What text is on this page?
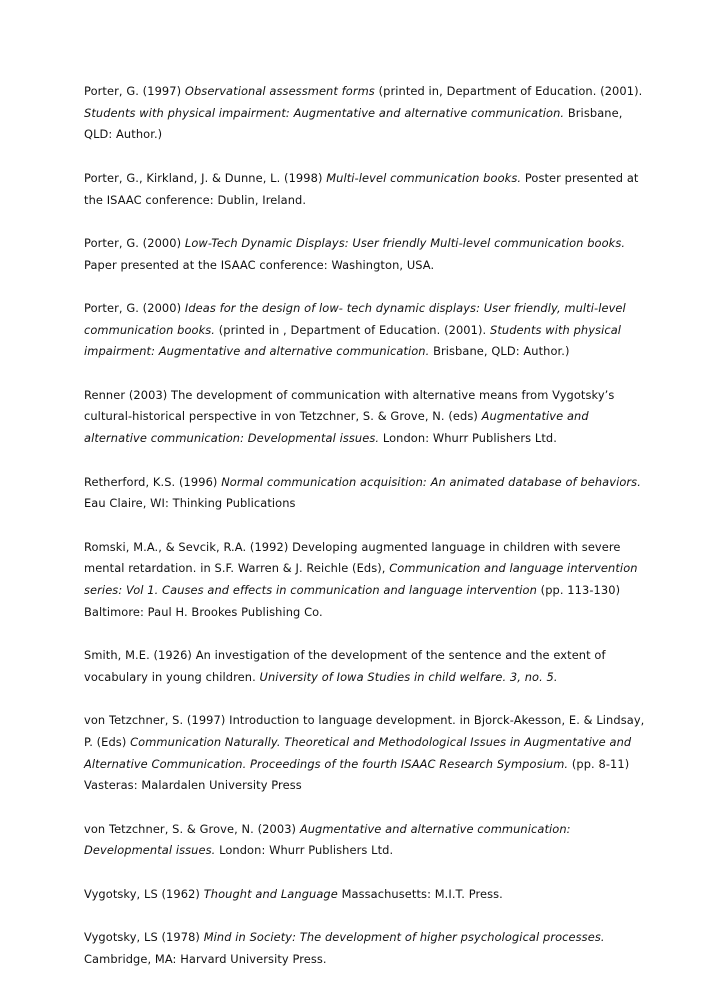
Porter, G. (1997) Observational assessment forms (printed in, Department of Education. (2001). Students with physical impairment: Augmentative and alternative communication. Brisbane, QLD: Author.)

Porter, G., Kirkland, J. & Dunne, L. (1998) Multi-level communication books. Poster presented at the ISAAC conference: Dublin, Ireland.

Porter, G. (2000) Low-Tech Dynamic Displays: User friendly Multi-level communication books. Paper presented at the ISAAC conference: Washington, USA.

Porter, G. (2000) Ideas for the design of low- tech dynamic displays: User friendly, multi-level communication books. (printed in , Department of Education. (2001). Students with physical impairment: Augmentative and alternative communication. Brisbane, QLD: Author.)

Renner (2003) The development of communication with alternative means from Vygotsky’s cultural-historical perspective in von Tetzchner, S. & Grove, N. (eds) Augmentative and alternative communication: Developmental issues. London: Whurr Publishers Ltd.

Retherford, K.S. (1996) Normal communication acquisition: An animated database of behaviors. Eau Claire, WI: Thinking Publications

Romski, M.A., & Sevcik, R.A. (1992) Developing augmented language in children with severe mental retardation. in S.F. Warren & J. Reichle (Eds), Communication and language intervention series: Vol 1. Causes and effects in communication and language intervention (pp. 113-130) Baltimore: Paul H. Brookes Publishing Co.

Smith, M.E. (1926) An investigation of the development of the sentence and the extent of vocabulary in young children. University of Iowa Studies in child welfare. 3, no. 5.

von Tetzchner, S. (1997) Introduction to language development. in Bjorck-Akesson, E. & Lindsay, P. (Eds) Communication Naturally. Theoretical and Methodological Issues in Augmentative and Alternative Communication. Proceedings of the fourth ISAAC Research Symposium. (pp. 8-11) Vasteras: Malardalen University Press

von Tetzchner, S. & Grove, N. (2003) Augmentative and alternative communication: Developmental issues. London: Whurr Publishers Ltd.

Vygotsky, LS (1962) Thought and Language Massachusetts: M.I.T. Press.

Vygotsky, LS (1978) Mind in Society: The development of higher psychological processes. Cambridge, MA: Harvard University Press.
